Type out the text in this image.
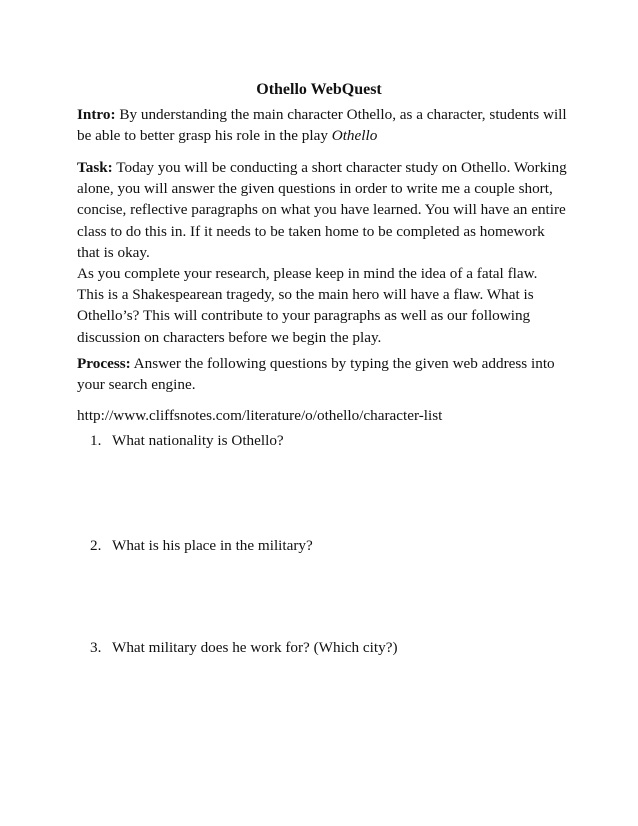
Othello WebQuest

Intro: By understanding the main character Othello, as a character, students will be able to better grasp his role in the play Othello

Task: Today you will be conducting a short character study on Othello. Working alone, you will answer the given questions in order to write me a couple short, concise, reflective paragraphs on what you have learned. You will have an entire class to do this in. If it needs to be taken home to be completed as homework that is okay.

As you complete your research, please keep in mind the idea of a fatal flaw. This is a Shakespearean tragedy, so the main hero will have a flaw. What is Othello’s? This will contribute to your paragraphs as well as our following discussion on characters before we begin the play.

Process: Answer the following questions by typing the given web address into your search engine.

http://www.cliffsnotes.com/literature/o/othello/character-list
1. What nationality is Othello?
2. What is his place in the military?
3. What military does he work for? (Which city?)
